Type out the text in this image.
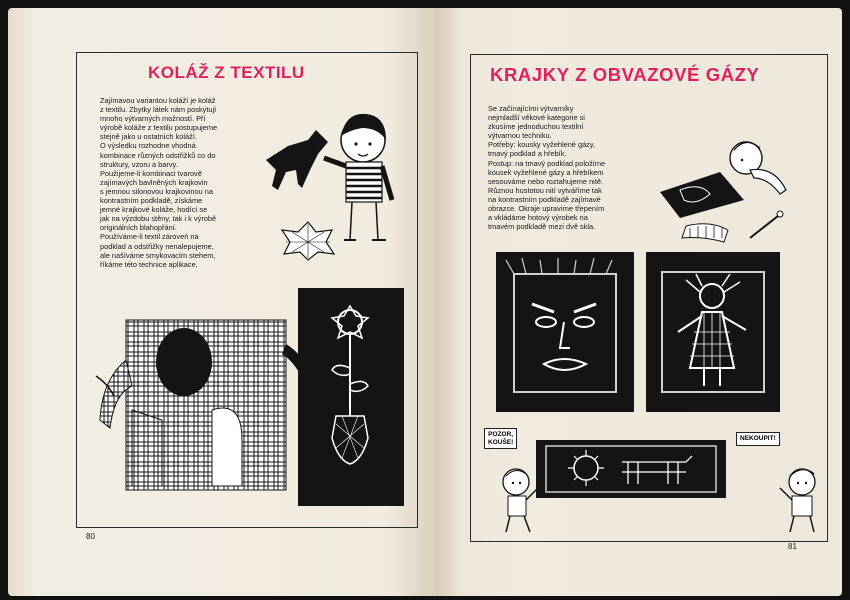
KOLÁŽ Z TEXTILU
Zajímavou variantou koláží je koláž
z textilu. Zbytky látek nám poskytují
mnoho výtvarných možností. Při
výrobě koláže z textilu postupujeme
stejně jako u ostatních koláží.
O výsledku rozhodne vhodná
kombinace různých odstřižků co do
struktury, vzoru a barvy.
Použijeme-li kombinaci tvarově
zajímavých bavlněných krajkovin
s jemnou silonovou krajkovinou na
kontrastním podkladě, získáme
jemné krajkové koláže, hodící se
jak na výzdobu stěny, tak i k výrobě
originálních blahopřání.
Používáme-li textil zároveň na
podklad a odstřižky nenalepujeme,
ale našíváme smykovacím stehem,
říkáme této technice aplikace.
80
KRAJKY Z OBVAZOVÉ GÁZY
Se začínajícími výtvarníky
nejmladší věkové kategorie si
zkusíme jednoduchou textilní
výtvarnou techniku.
Potřeby: kousky vyžehlené gázy,
tmavý podklad a hřebík.
Postup: na tmavý podklad položíme
kousek vyžehlené gázy a hřebíkem
sesouváme nebo roztahujeme nitě.
Různou hustotou nití vytváříme tak
na kontrastním podkladě zajímavé
obrazce. Okraje upravíme třepením
a vkládáme hotový výrobek na
tmavém podkladě mezi dvě skla.
POZOR,
KOUŠE!	NEKOUPIT!
81
